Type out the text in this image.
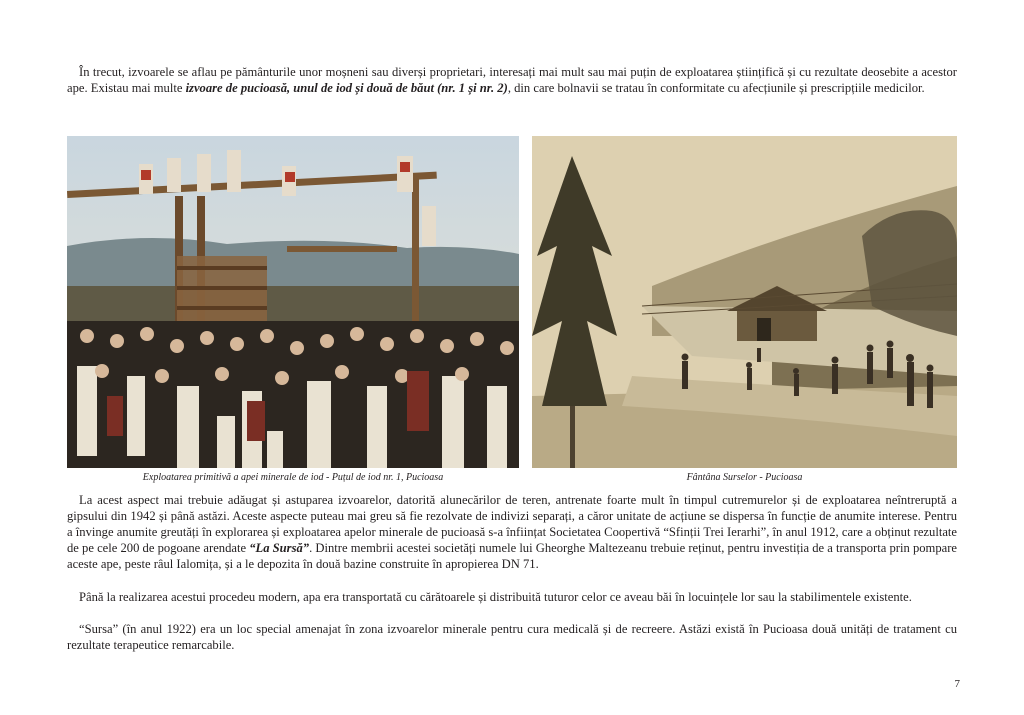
În trecut, izvoarele se aflau pe pământurile unor moșneni sau diverși proprietari, interesați mai mult sau mai puțin de exploatarea științifică și cu rezultate deosebite a acestor ape. Existau mai multe izvoare de pucioasă, unul de iod și două de băut (nr. 1 și nr. 2), din care bolnavii se tratau în conformitate cu afecțiunile și prescripțiile medicilor.

Exploatarea primitivă a apei minerale de iod - Puțul de iod nr. 1, Pucioasa	Fântâna Surselor - Pucioasa

La acest aspect mai trebuie adăugat și astuparea izvoarelor, datorită alunecărilor de teren, antrenate foarte mult în timpul cutremurelor și de exploatarea neîntreruptă a gipsului din 1942 și până astăzi. Aceste aspecte puteau mai greu să fie rezolvate de indivizi separați, a căror unitate de acțiune se dispersa în funcție de anumite interese. Pentru a învinge anumite greutăți în explorarea și exploatarea apelor minerale de pucioasă s-a înființat Societatea Coopertivă “Sfinții Trei Ierarhi”, în anul 1912, care a obținut rezultate de pe cele 200 de pogoane arendate “La Sursă”. Dintre membrii acestei societăți numele lui Gheorghe Maltezeanu trebuie reținut, pentru investiția de a transporta prin pompare aceste ape, peste râul Ialomița, și a le depozita în două bazine construite în apropierea DN 71.

Până la realizarea acestui procedeu modern, apa era transportată cu cărătoarele și distribuită tuturor celor ce aveau băi în locuințele lor sau la stabilimentele existente.

“Sursa” (în anul 1922) era un loc special amenajat în zona izvoarelor minerale pentru cura medicală și de recreere. Astăzi există în Pucioasa două unități de tratament cu rezultate terapeutice remarcabile.

7
